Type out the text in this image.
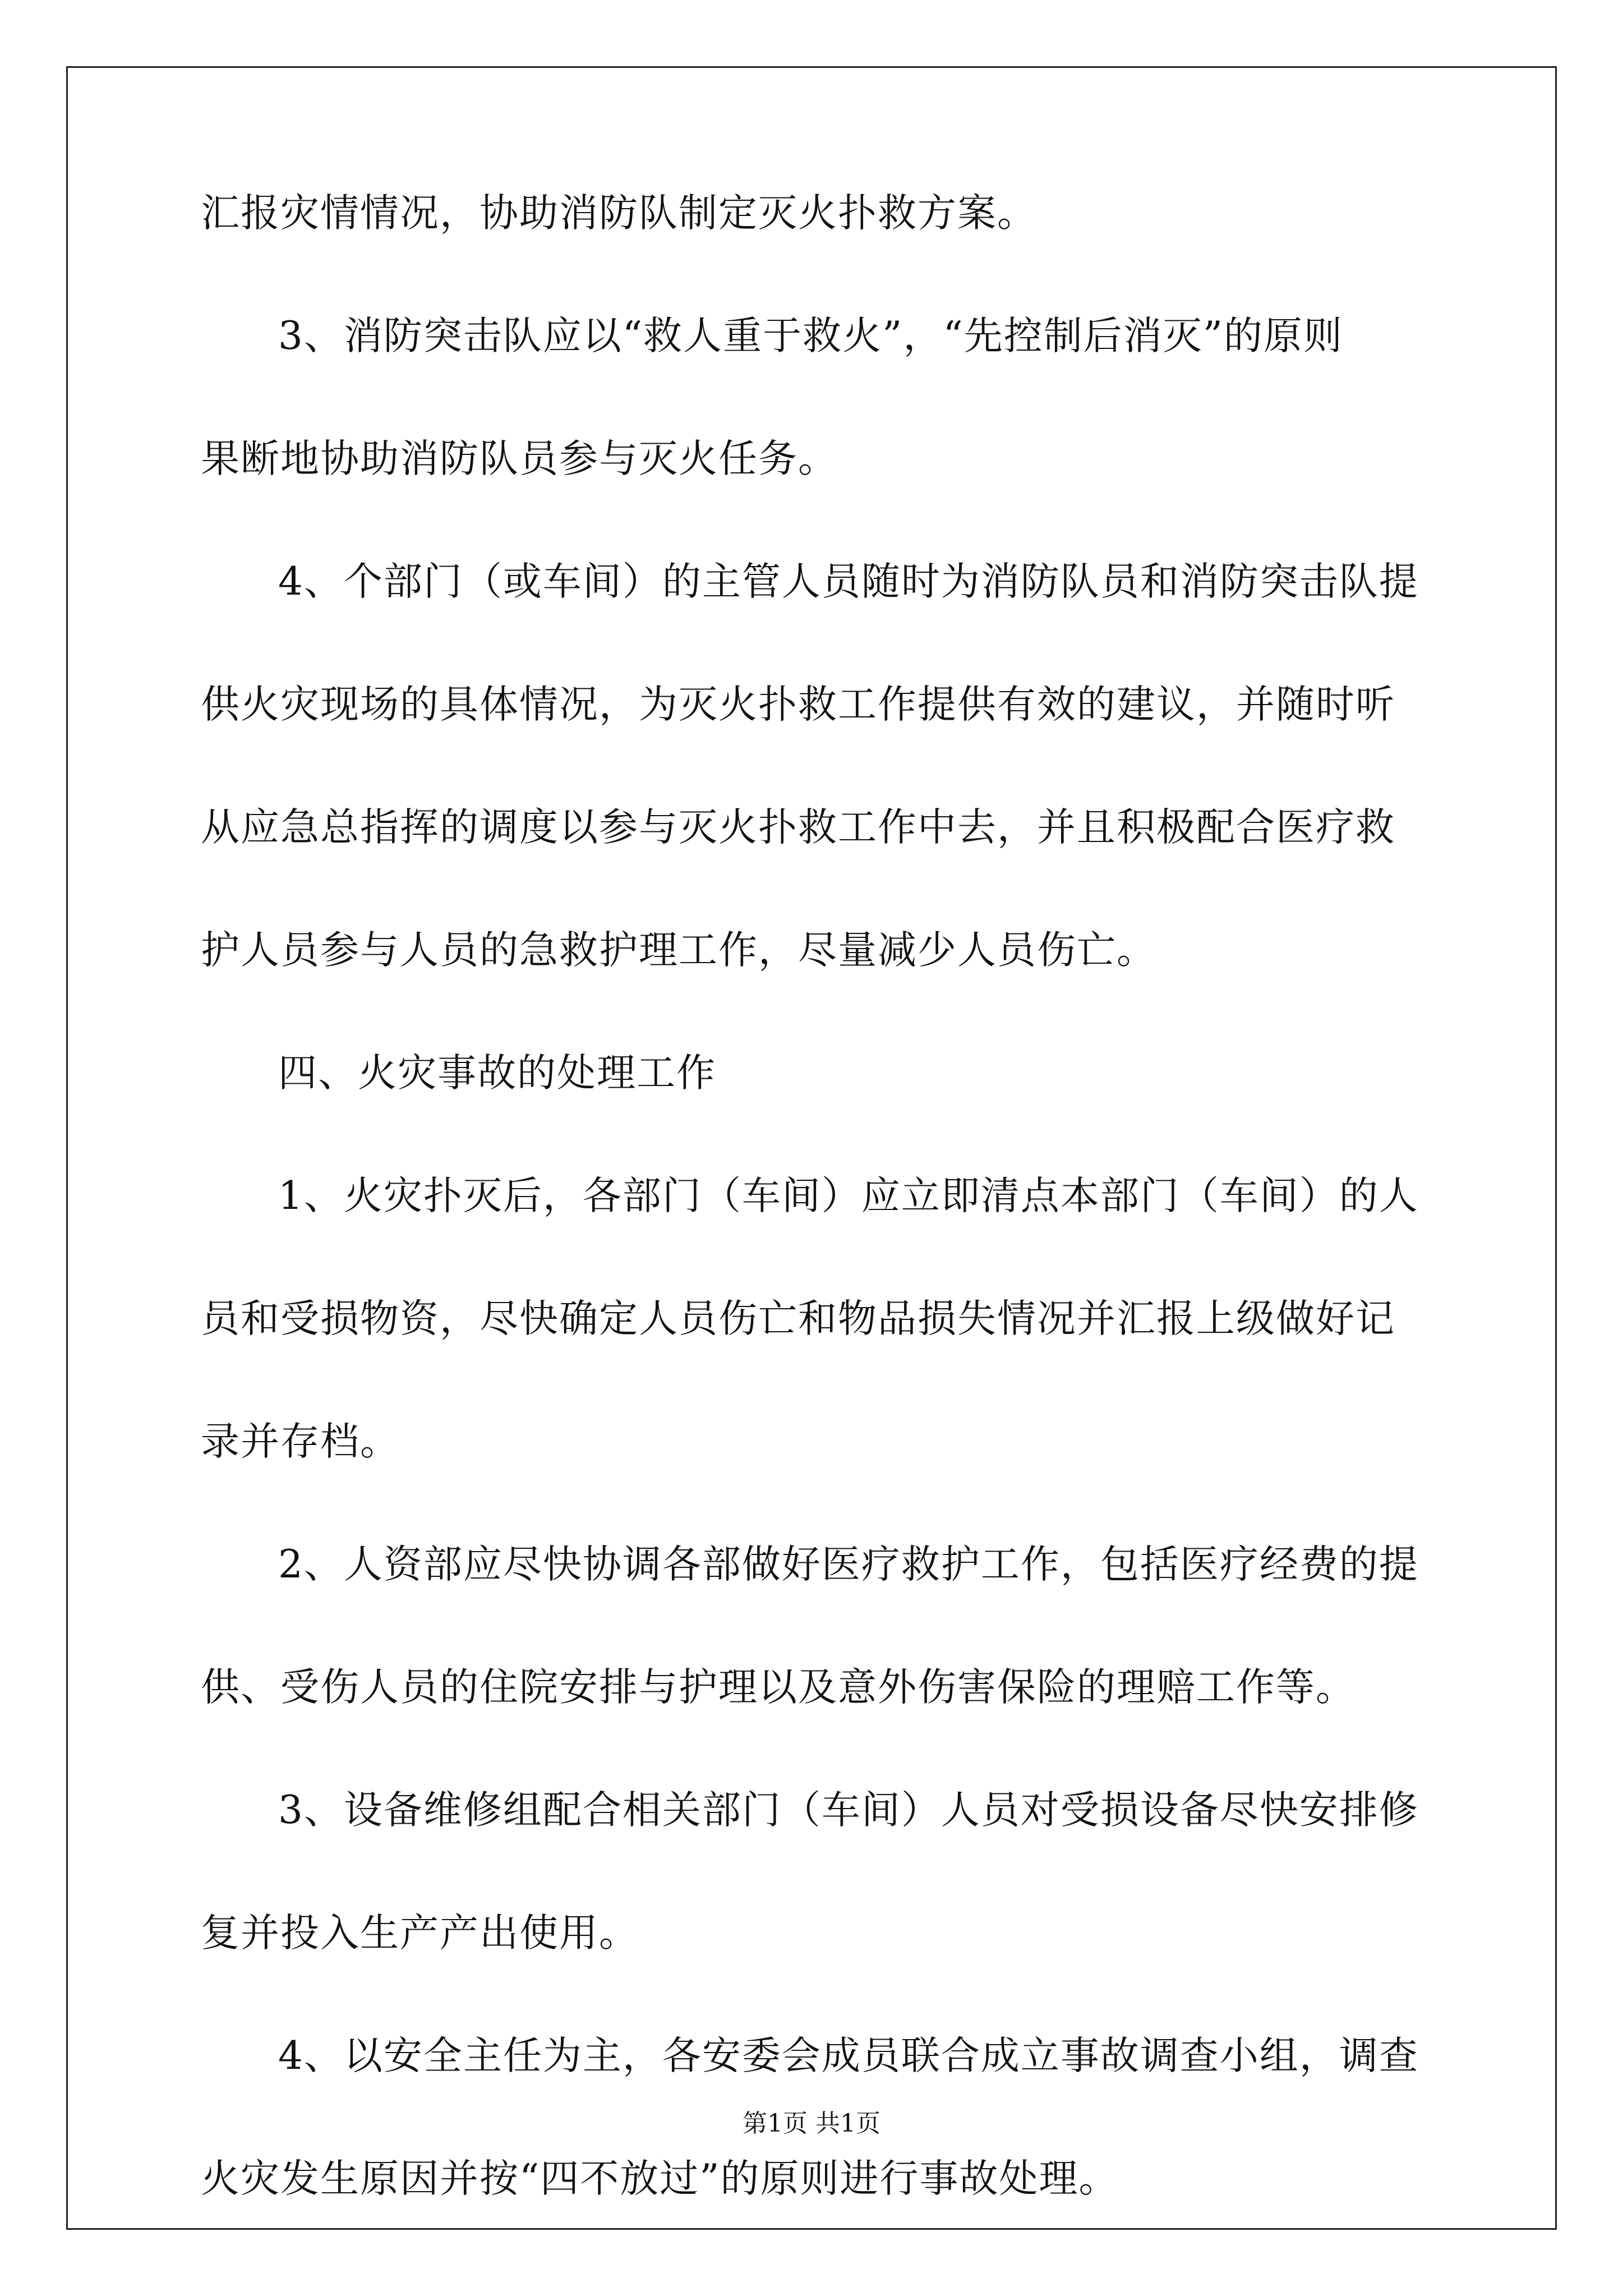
汇报灾情情况，协助消防队制定灭火扑救方案。
3、消防突击队应以“救人重于救火”，“先控制后消灭”的原则
果断地协助消防队员参与灭火任务。
4、个部门（或车间）的主管人员随时为消防队员和消防突击队提
供火灾现场的具体情况，为灭火扑救工作提供有效的建议，并随时听
从应急总指挥的调度以参与灭火扑救工作中去，并且积极配合医疗救
护人员参与人员的急救护理工作，尽量减少人员伤亡。
四、火灾事故的处理工作
1、火灾扑灭后，各部门（车间）应立即清点本部门（车间）的人
员和受损物资，尽快确定人员伤亡和物品损失情况并汇报上级做好记
录并存档。
2、人资部应尽快协调各部做好医疗救护工作，包括医疗经费的提
供、受伤人员的住院安排与护理以及意外伤害保险的理赔工作等。
3、设备维修组配合相关部门（车间）人员对受损设备尽快安排修
复并投入生产产出使用。
4、以安全主任为主，各安委会成员联合成立事故调查小组，调查
火灾发生原因并按“四不放过”的原则进行事故处理。
第1页 共1页
